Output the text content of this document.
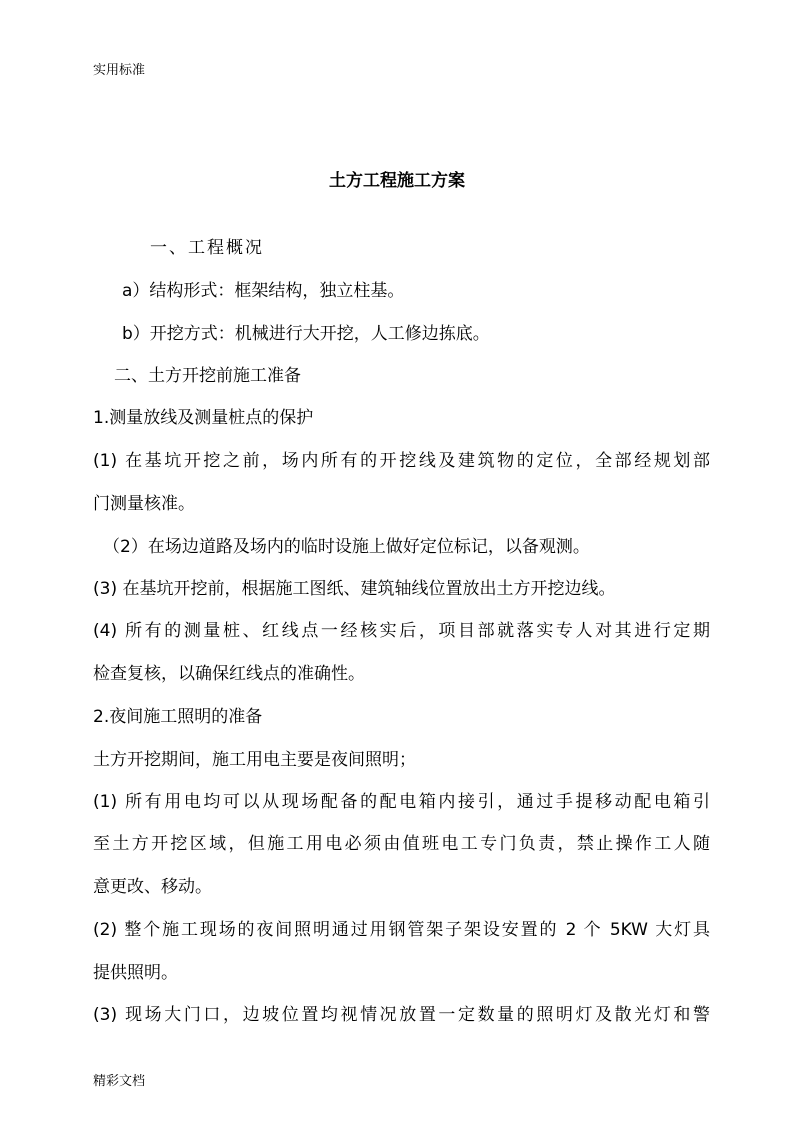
实用标准
土方工程施工方案
一、工程概况
a）结构形式：框架结构，独立柱基。
b）开挖方式：机械进行大开挖，人工修边拣底。
二、土方开挖前施工准备
1.测量放线及测量桩点的保护
(1) 在基坑开挖之前，场内所有的开挖线及建筑物的定位，全部经规划部
门测量核准。
（2）在场边道路及场内的临时设施上做好定位标记，以备观测。
(3) 在基坑开挖前，根据施工图纸、建筑轴线位置放出土方开挖边线。
(4) 所有的测量桩、红线点一经核实后，项目部就落实专人对其进行定期
检查复核，以确保红线点的准确性。
2.夜间施工照明的准备
土方开挖期间，施工用电主要是夜间照明；
(1) 所有用电均可以从现场配备的配电箱内接引，通过手提移动配电箱引
至土方开挖区域，但施工用电必须由值班电工专门负责，禁止操作工人随
意更改、移动。
(2) 整个施工现场的夜间照明通过用钢管架子架设安置的 2 个 5KW 大灯具
提供照明。
(3) 现场大门口，边坡位置均视情况放置一定数量的照明灯及散光灯和警
精彩文档
